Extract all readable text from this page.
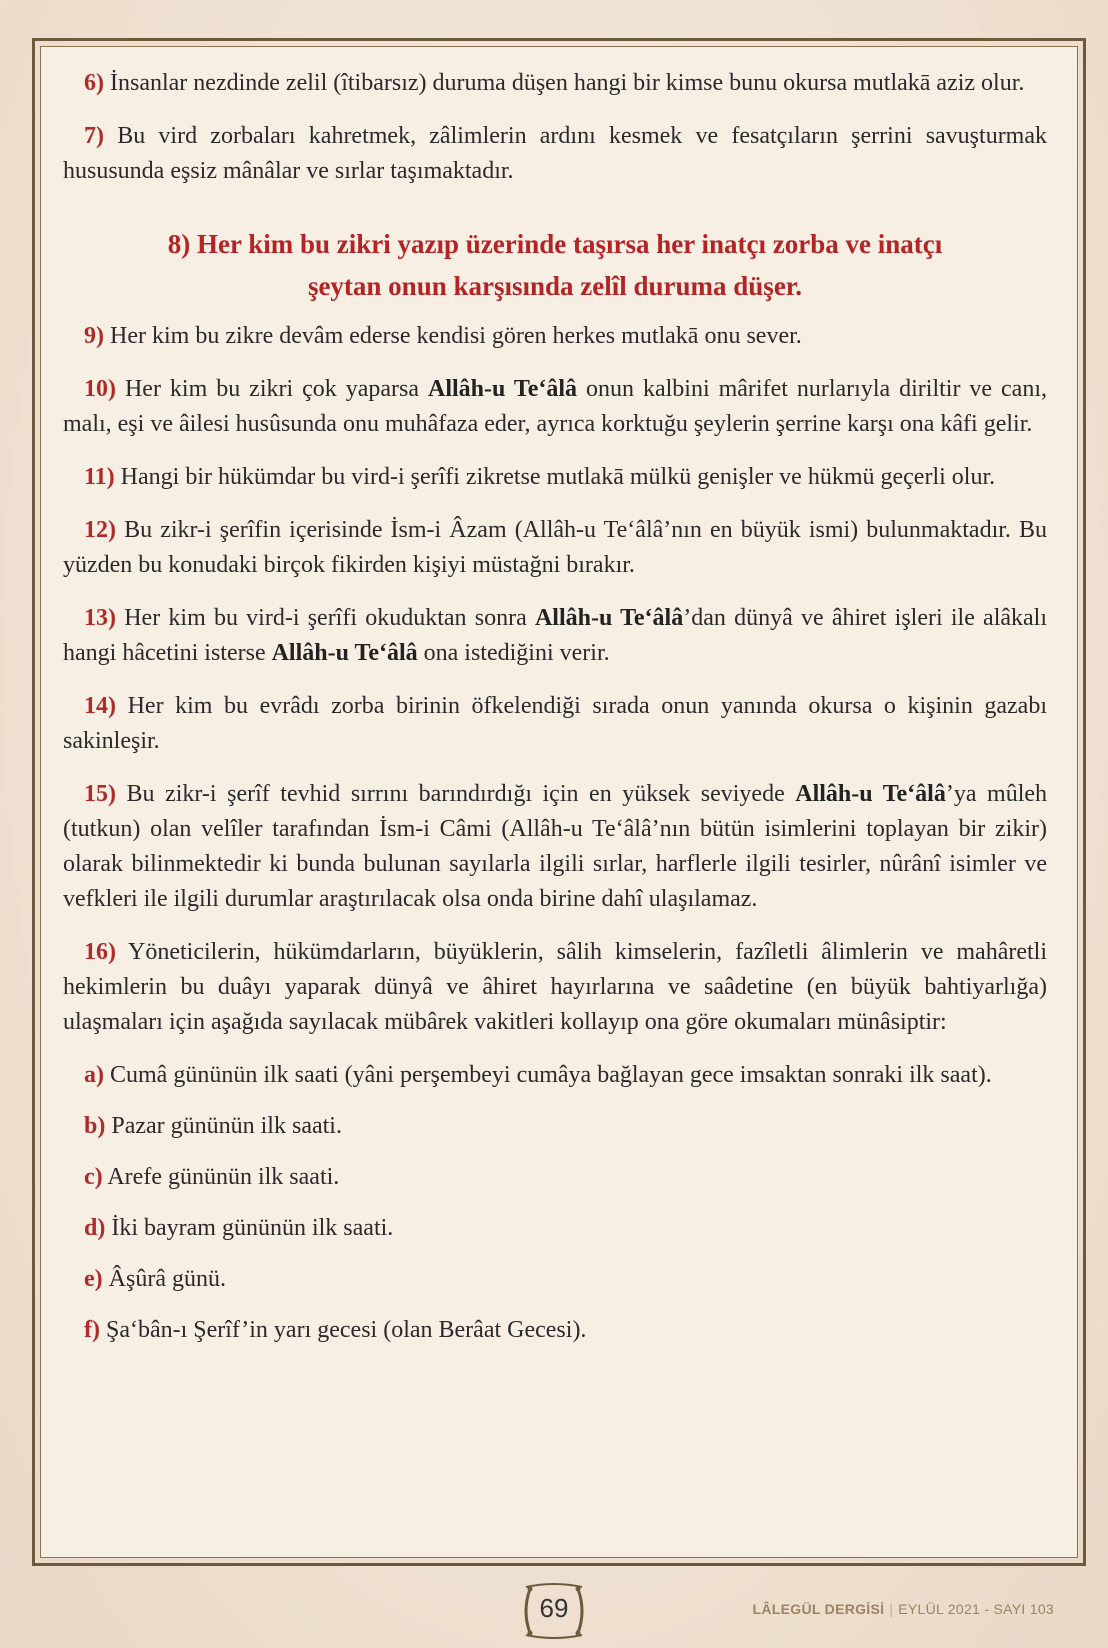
6) İnsanlar nezdinde zelil (îtibarsız) duruma düşen hangi bir kimse bunu okursa mutlakā aziz olur.

7) Bu vird zorbaları kahretmek, zâlimlerin ardını kesmek ve fesatçıların şerrini savuşturmak hususunda eşsiz mânâlar ve sırlar taşımaktadır.

8) Her kim bu zikri yazıp üzerinde taşırsa her inatçı zorba ve inatçı
şeytan onun karşısında zelîl duruma düşer.

9) Her kim bu zikre devâm ederse kendisi gören herkes mutlakā onu sever.

10) Her kim bu zikri çok yaparsa Allâh-u Te‘âlâ onun kalbini mârifet nurlarıyla diriltir ve canı, malı, eşi ve âilesi husûsunda onu muhâfaza eder, ayrıca korktuğu şeylerin şerrine karşı ona kâfi gelir.

11) Hangi bir hükümdar bu vird-i şerîfi zikretse mutlakā mülkü genişler ve hükmü geçerli olur.

12) Bu zikr-i şerîfin içerisinde İsm-i Âzam (Allâh-u Te‘âlâ’nın en büyük ismi) bulunmaktadır. Bu yüzden bu konudaki birçok fikirden kişiyi müstağni bırakır.

13) Her kim bu vird-i şerîfi okuduktan sonra Allâh-u Te‘âlâ’dan dünyâ ve âhiret işleri ile alâkalı hangi hâcetini isterse Allâh-u Te‘âlâ ona istediğini verir.

14) Her kim bu evrâdı zorba birinin öfkelendiği sırada onun yanında okursa o kişinin gazabı sakinleşir.

15) Bu zikr-i şerîf tevhid sırrını barındırdığı için en yüksek seviyede Allâh-u Te‘âlâ’ya mûleh (tutkun) olan velîler tarafından İsm-i Câmi (Allâh-u Te‘âlâ’nın bütün isimlerini toplayan bir zikir) olarak bilinmektedir ki bunda bulunan sayılarla ilgili sırlar, harflerle ilgili tesirler, nûrânî isimler ve vefkleri ile ilgili durumlar araştırılacak olsa onda birine dahî ulaşılamaz.

16) Yöneticilerin, hükümdarların, büyüklerin, sâlih kimselerin, fazîletli âlimlerin ve mahâretli hekimlerin bu duâyı yaparak dünyâ ve âhiret hayırlarına ve saâdetine (en büyük bahtiyarlığa) ulaşmaları için aşağıda sayılacak mübârek vakitleri kollayıp ona göre okumaları münâsiptir:

a) Cumâ gününün ilk saati (yâni perşembeyi cumâya bağlayan gece imsaktan sonraki ilk saat).

b) Pazar gününün ilk saati.

c) Arefe gününün ilk saati.

d) İki bayram gününün ilk saati.

e) Âşûrâ günü.

f) Şa‘bân-ı Şerîf’in yarı gecesi (olan Berâat Gecesi).

69	LÂLEGÜL DERGİSİ | EYLÜL 2021 - SAYI 103
